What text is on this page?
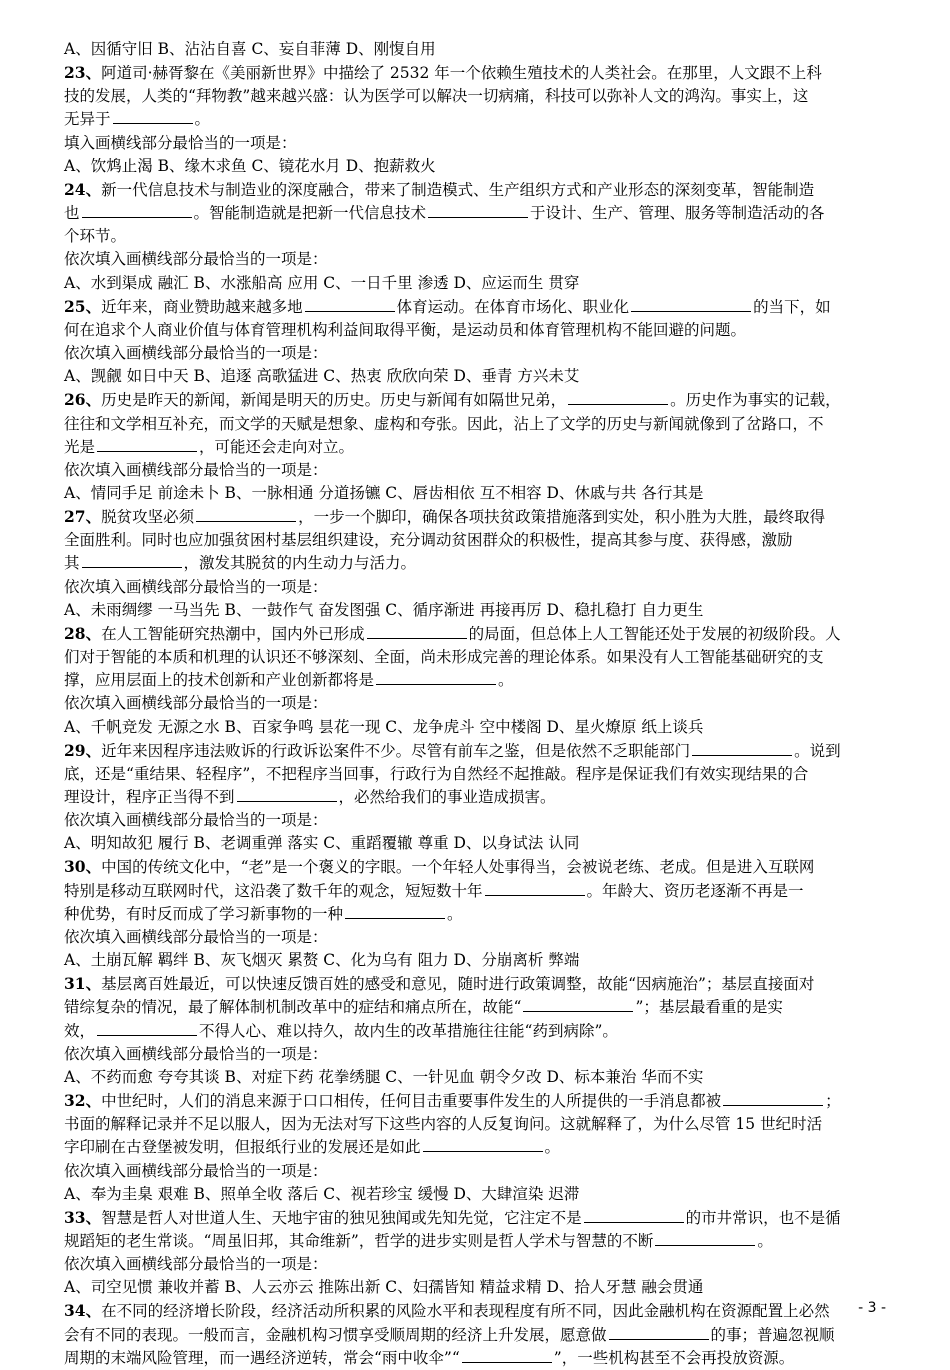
A、因循守旧 B、沾沾自喜 C、妄自菲薄 D、刚愎自用
23、阿道司·赫胥黎在《美丽新世界》中描绘了 2532 年一个依赖生殖技术的人类社会。在那里，人文跟不上科
技的发展，人类的“拜物教”越来越兴盛：认为医学可以解决一切病痛，科技可以弥补人文的鸿沟。事实上，这
无异于	。
填入画横线部分最恰当的一项是：
A、饮鸩止渴 B、缘木求鱼 C、镜花水月 D、抱薪救火
24、新一代信息技术与制造业的深度融合，带来了制造模式、生产组织方式和产业形态的深刻变革，智能制造
也	。智能制造就是把新一代信息技术	于设计、生产、管理、服务等制造活动的各
个环节。
依次填入画横线部分最恰当的一项是：
A、水到渠成 融汇 B、水涨船高 应用 C、一日千里 渗透 D、应运而生 贯穿
25、近年来，商业赞助越来越多地	体育运动。在体育市场化、职业化	的当下，如
何在追求个人商业价值与体育管理机构利益间取得平衡，是运动员和体育管理机构不能回避的问题。
依次填入画横线部分最恰当的一项是：
A、觊觎 如日中天 B、追逐 高歌猛进 C、热衷 欣欣向荣 D、垂青 方兴未艾
26、历史是昨天的新闻，新闻是明天的历史。历史与新闻有如隔世兄弟，	。历史作为事实的记载，
往往和文学相互补充，而文学的天赋是想象、虚构和夸张。因此，沾上了文学的历史与新闻就像到了岔路口，不
光是	，可能还会走向对立。
依次填入画横线部分最恰当的一项是：
A、情同手足 前途未卜 B、一脉相通 分道扬镳 C、唇齿相依 互不相容 D、休戚与共 各行其是
27、脱贫攻坚必须	，一步一个脚印，确保各项扶贫政策措施落到实处，积小胜为大胜，最终取得
全面胜利。同时也应加强贫困村基层组织建设，充分调动贫困群众的积极性，提高其参与度、获得感，激励
其	，激发其脱贫的内生动力与活力。
依次填入画横线部分最恰当的一项是：
A、未雨绸缪 一马当先 B、一鼓作气 奋发图强 C、循序渐进 再接再厉 D、稳扎稳打 自力更生
28、在人工智能研究热潮中，国内外已形成	的局面，但总体上人工智能还处于发展的初级阶段。人
们对于智能的本质和机理的认识还不够深刻、全面，尚未形成完善的理论体系。如果没有人工智能基础研究的支
撑，应用层面上的技术创新和产业创新都将是	。
依次填入画横线部分最恰当的一项是：
A、千帆竞发 无源之水 B、百家争鸣 昙花一现 C、龙争虎斗 空中楼阁 D、星火燎原 纸上谈兵
29、近年来因程序违法败诉的行政诉讼案件不少。尽管有前车之鉴，但是依然不乏职能部门	。说到
底，还是“重结果、轻程序”，不把程序当回事，行政行为自然经不起推敲。程序是保证我们有效实现结果的合
理设计，程序正当得不到	，必然给我们的事业造成损害。
依次填入画横线部分最恰当的一项是：
A、明知故犯 履行 B、老调重弹 落实 C、重蹈覆辙 尊重 D、以身试法 认同
30、中国的传统文化中，“老”是一个褒义的字眼。一个年轻人处事得当，会被说老练、老成。但是进入互联网
特别是移动互联网时代，这沿袭了数千年的观念，短短数十年	。年龄大、资历老逐渐不再是一
种优势，有时反而成了学习新事物的一种	。
依次填入画横线部分最恰当的一项是：
A、土崩瓦解 羁绊 B、灰飞烟灭 累赘 C、化为乌有 阻力 D、分崩离析 弊端
31、基层离百姓最近，可以快速反馈百姓的感受和意见，随时进行政策调整，故能“因病施治”；基层直接面对
错综复杂的情况，最了解体制机制改革中的症结和痛点所在，故能“	”；基层最看重的是实
效，	不得人心、难以持久，故内生的改革措施往往能“药到病除”。
依次填入画横线部分最恰当的一项是：
A、不药而愈 夸夸其谈 B、对症下药 花拳绣腿 C、一针见血 朝令夕改 D、标本兼治 华而不实
32、中世纪时，人们的消息来源于口口相传，任何目击重要事件发生的人所提供的一手消息都被	；
书面的解释记录并不足以服人，因为无法对写下这些内容的人反复询问。这就解释了，为什么尽管 15 世纪时活
字印刷在古登堡被发明，但报纸行业的发展还是如此	。
依次填入画横线部分最恰当的一项是：
A、奉为圭臬 艰难 B、照单全收 落后 C、视若珍宝 缓慢 D、大肆渲染 迟滞
33、智慧是哲人对世道人生、天地宇宙的独见独闻或先知先觉，它注定不是	的市井常识，也不是循
规蹈矩的老生常谈。“周虽旧邦，其命维新”，哲学的进步实则是哲人学术与智慧的不断	。
依次填入画横线部分最恰当的一项是：
A、司空见惯 兼收并蓄 B、人云亦云 推陈出新 C、妇孺皆知 精益求精 D、拾人牙慧 融会贯通
34、在不同的经济增长阶段，经济活动所积累的风险水平和表现程度有所不同，因此金融机构在资源配置上必然
会有不同的表现。一般而言，金融机构习惯享受顺周期的经济上升发展，愿意做	的事；普遍忽视顺
周期的末端风险管理，而一遇经济逆转，常会“雨中收伞”“	”，一些机构甚至不会再投放资源。
- 3 -
